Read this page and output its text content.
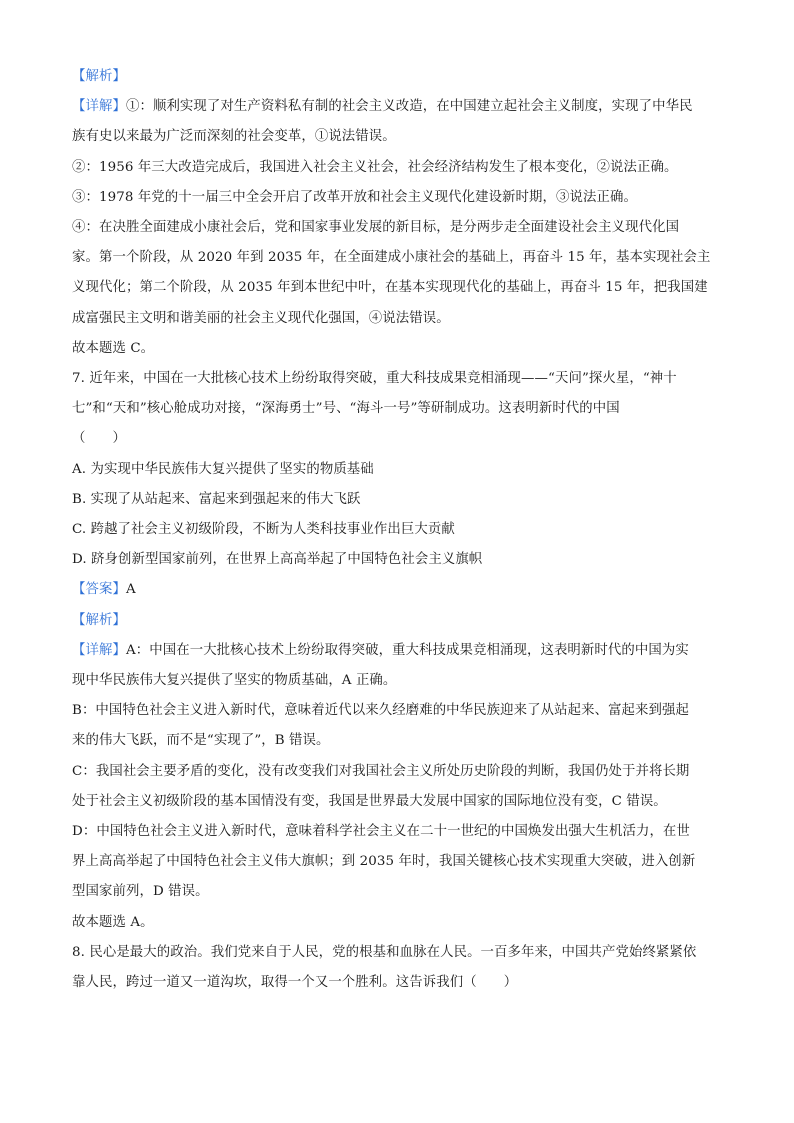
【解析】
【详解】①：顺利实现了对生产资料私有制的社会主义改造，在中国建立起社会主义制度，实现了中华民
族有史以来最为广泛而深刻的社会变革，①说法错误。
②：1956 年三大改造完成后，我国进入社会主义社会，社会经济结构发生了根本变化，②说法正确。
③：1978 年党的十一届三中全会开启了改革开放和社会主义现代化建设新时期，③说法正确。
④：在决胜全面建成小康社会后，党和国家事业发展的新目标，是分两步走全面建设社会主义现代化国
家。第一个阶段，从 2020 年到 2035 年，在全面建成小康社会的基础上，再奋斗 15 年，基本实现社会主
义现代化；第二个阶段，从 2035 年到本世纪中叶，在基本实现现代化的基础上，再奋斗 15 年，把我国建
成富强民主文明和谐美丽的社会主义现代化强国，④说法错误。
故本题选 C。
7. 近年来，中国在一大批核心技术上纷纷取得突破，重大科技成果竞相涌现——“天问”探火星，“神十
七”和“天和”核心舱成功对接，“深海勇士”号、“海斗一号”等研制成功。这表明新时代的中国
（　　）
A. 为实现中华民族伟大复兴提供了坚实的物质基础
B. 实现了从站起来、富起来到强起来的伟大飞跃
C. 跨越了社会主义初级阶段，不断为人类科技事业作出巨大贡献
D. 跻身创新型国家前列，在世界上高高举起了中国特色社会主义旗帜
【答案】A
【解析】
【详解】A：中国在一大批核心技术上纷纷取得突破，重大科技成果竞相涌现，这表明新时代的中国为实
现中华民族伟大复兴提供了坚实的物质基础，A 正确。
B：中国特色社会主义进入新时代，意味着近代以来久经磨难的中华民族迎来了从站起来、富起来到强起
来的伟大飞跃，而不是“实现了”，B 错误。
C：我国社会主要矛盾的变化，没有改变我们对我国社会主义所处历史阶段的判断，我国仍处于并将长期
处于社会主义初级阶段的基本国情没有变，我国是世界最大发展中国家的国际地位没有变，C 错误。
D：中国特色社会主义进入新时代，意味着科学社会主义在二十一世纪的中国焕发出强大生机活力，在世
界上高高举起了中国特色社会主义伟大旗帜；到 2035 年时，我国关键核心技术实现重大突破，进入创新
型国家前列，D 错误。
故本题选 A。
8. 民心是最大的政治。我们党来自于人民，党的根基和血脉在人民。一百多年来，中国共产党始终紧紧依
靠人民，跨过一道又一道沟坎，取得一个又一个胜利。这告诉我们（　　）
